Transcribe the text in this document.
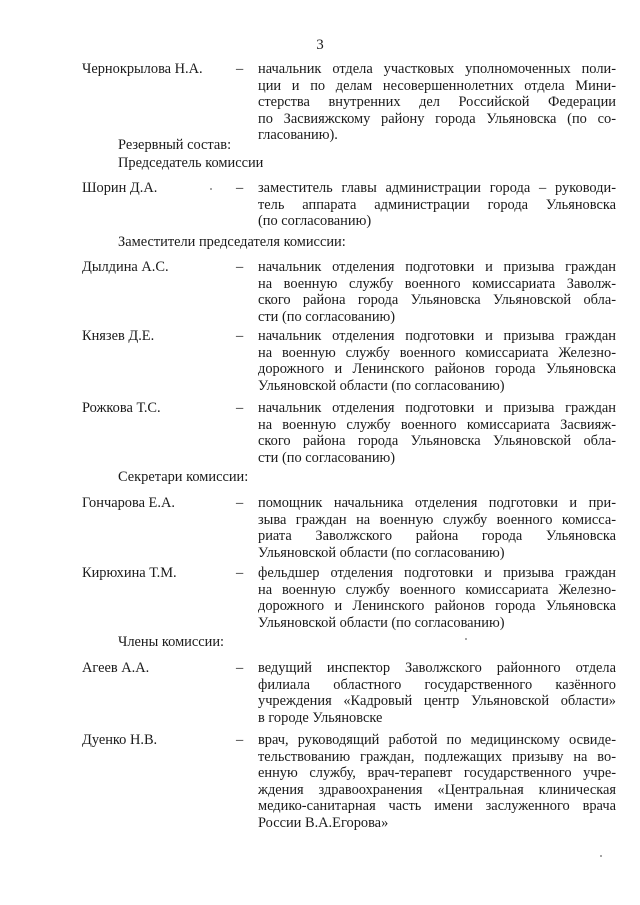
3
Чернокрылова Н.А. – начальник отдела участковых уполномоченных поли-
ции и по делам несовершеннолетних отдела Мини-
стерства внутренних дел Российской Федерации
по Засвияжскому району города Ульяновска (по со-
гласованию).
Резервный состав:
Председатель комиссии
Шорин Д.А.	– заместитель главы администрации города – руководи-
тель аппарата администрации города Ульяновска
(по согласованию)
Заместители председателя комиссии:
Дылдина А.С.	– начальник отделения подготовки и призыва граждан
на военную службу военного комиссариата Заволж-
ского района города Ульяновска Ульяновской обла-
сти (по согласованию)
Князев Д.Е.	– начальник отделения подготовки и призыва граждан
на военную службу военного комиссариата Железно-
дорожного и Ленинского районов города Ульяновска
Ульяновской области (по согласованию)
Рожкова Т.С.	– начальник отделения подготовки и призыва граждан
на военную службу военного комиссариата Засвияж-
ского района города Ульяновска Ульяновской обла-
сти (по согласованию)
Секретари комиссии:
Гончарова Е.А.	– помощник начальника отделения подготовки и при-
зыва граждан на военную службу военного комисса-
риата Заволжского района города Ульяновска
Ульяновской области (по согласованию)
Кирюхина Т.М.	– фельдшер отделения подготовки и призыва граждан
на военную службу военного комиссариата Железно-
дорожного и Ленинского районов города Ульяновска
Ульяновской области (по согласованию)
Члены комиссии:
Агеев А.А.	– ведущий инспектор Заволжского районного отдела
филиала областного государственного казённого
учреждения «Кадровый центр Ульяновской области»
в городе Ульяновске
Дуенко Н.В.	– врач, руководящий работой по медицинскому освиде-
тельствованию граждан, подлежащих призыву на во-
енную службу, врач-терапевт государственного учре-
ждения здравоохранения «Центральная клиническая
медико-санитарная часть имени заслуженного врача
России В.А.Егорова»
